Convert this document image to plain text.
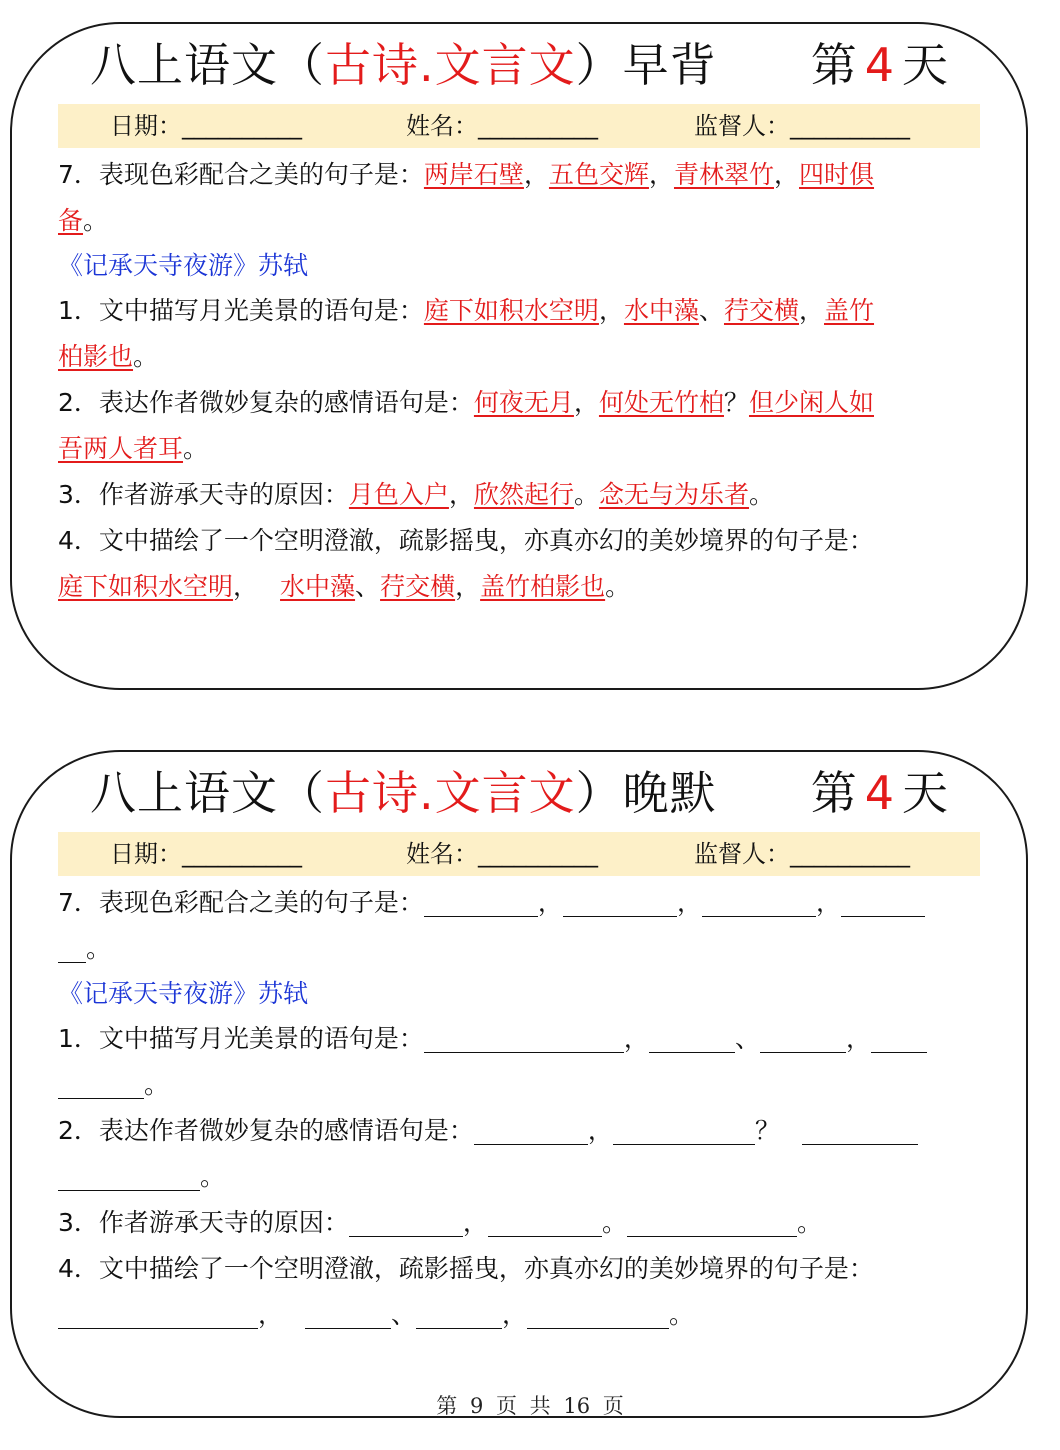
八上语文（古诗.文言文）早背 第 4 天
日期：__________	姓名：__________	监督人：__________
7．表现色彩配合之美的句子是：两岸石壁，五色交辉，青林翠竹，四时俱
备。
《记承天寺夜游》苏轼
1．文中描写月光美景的语句是：庭下如积水空明，水中藻、荇交横，盖竹
柏影也。
2．表达作者微妙复杂的感情语句是：何夜无月，何处无竹柏？但少闲人如
吾两人者耳。
3．作者游承天寺的原因：月色入户，欣然起行。念无与为乐者。
4．文中描绘了一个空明澄澈，疏影摇曳，亦真亦幻的美妙境界的句子是：
庭下如积水空明， 水中藻、荇交横，盖竹柏影也。
八上语文（古诗.文言文）晚默 第 4 天
日期：__________	姓名：__________	监督人：__________
7．表现色彩配合之美的句子是：	，	，	，
。
《记承天寺夜游》苏轼
1．文中描写月光美景的语句是：	，	、	，
。
2．表达作者微妙复杂的感情语句是：	，	？
。
3．作者游承天寺的原因：	，	。	。
4．文中描绘了一个空明澄澈，疏影摇曳，亦真亦幻的美妙境界的句子是：
，	、	，	。
第 9 页 共 16 页
